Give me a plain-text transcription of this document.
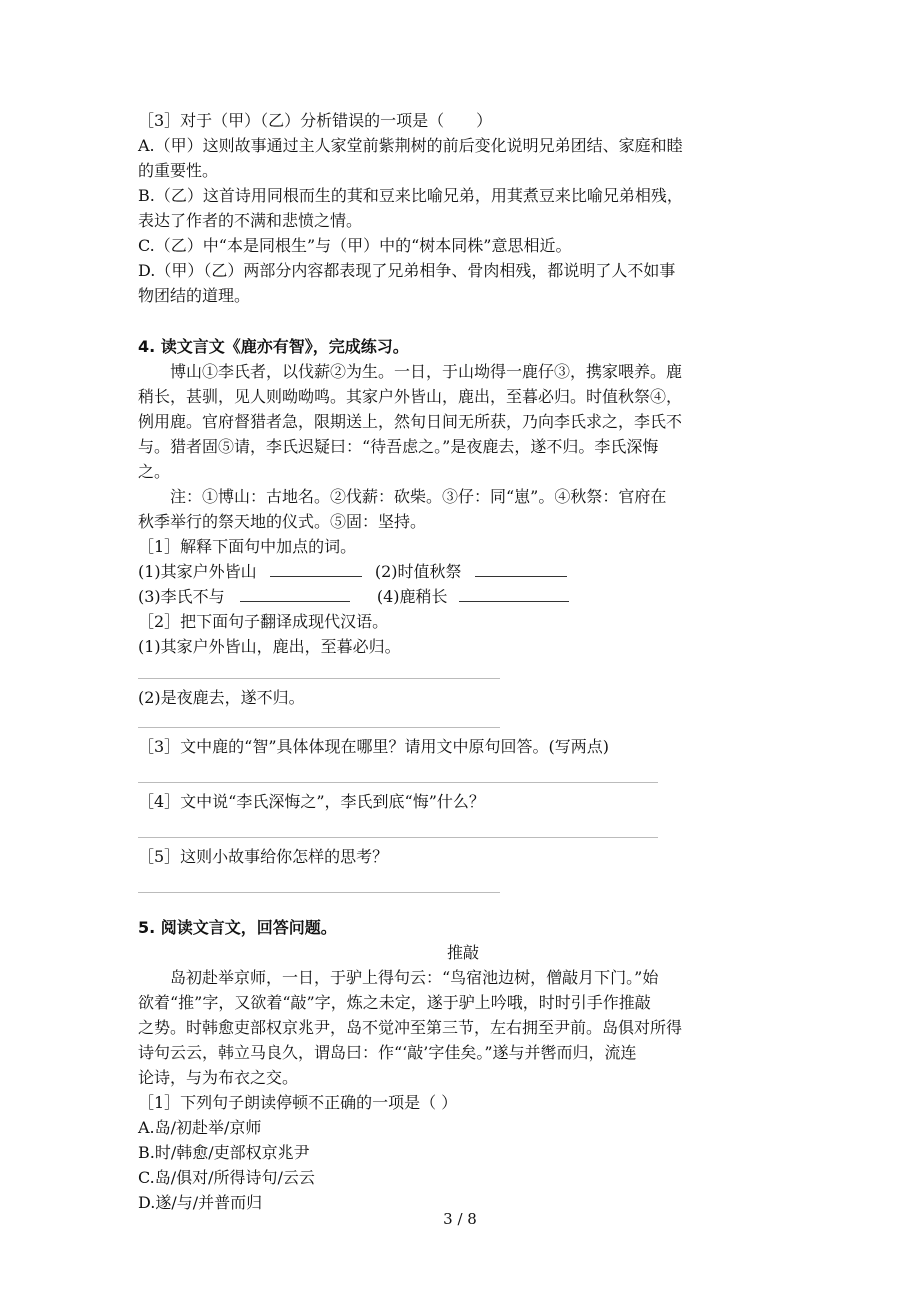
［3］对于（甲）（乙）分析错误的一项是（　　）
A.（甲）这则故事通过主人家堂前紫荆树的前后变化说明兄弟团结、家庭和睦
的重要性。
B.（乙）这首诗用同根而生的萁和豆来比喻兄弟，用萁煮豆来比喻兄弟相残，
表达了作者的不满和悲愤之情。
C.（乙）中“本是同根生”与（甲）中的“树本同株”意思相近。
D.（甲）（乙）两部分内容都表现了兄弟相争、骨肉相残，都说明了人不如事
物团结的道理。
4. 读文言文《鹿亦有智》，完成练习。
博山①李氏者，以伐薪②为生。一日，于山坳得一鹿仔③，携家喂养。鹿
稍长，甚驯，见人则呦呦鸣。其家户外皆山，鹿出，至暮必归。时值秋祭④，
例用鹿。官府督猎者急，限期送上，然旬日间无所获，乃向李氏求之，李氏不
与。猎者固⑤请，李氏迟疑曰：“待吾虑之。”是夜鹿去，遂不归。李氏深悔
之。
注：①博山：古地名。②伐薪：砍柴。③仔：同“崽”。④秋祭：官府在
秋季举行的祭天地的仪式。⑤固：坚持。
［1］解释下面句中加点的词。
(1)其家户外皆山	(2)时值秋祭
(3)李氏不与	(4)鹿稍长
［2］把下面句子翻译成现代汉语。
(1)其家户外皆山，鹿出，至暮必归。
(2)是夜鹿去，遂不归。
［3］文中鹿的“智”具体体现在哪里？请用文中原句回答。(写两点)
［4］文中说“李氏深悔之”，李氏到底“悔”什么？
［5］这则小故事给你怎样的思考？
5. 阅读文言文，回答问题。
推敲
岛初赴举京师，一日，于驴上得句云：“鸟宿池边树，僧敲月下门。”始
欲着“推”字，又欲着“敲”字，炼之未定，遂于驴上吟哦，时时引手作推敲
之势。时韩愈吏部权京兆尹，岛不觉冲至第三节，左右拥至尹前。岛俱对所得
诗句云云，韩立马良久，谓岛曰：作“‘敲’字佳矣。”遂与并辔而归，流连
论诗，与为布衣之交。
［1］下列句子朗读停顿不正确的一项是（ ）
A.岛/初赴举/京师
B.时/韩愈/吏部权京兆尹
C.岛/俱对/所得诗句/云云
D.遂/与/并普而归
3 / 8
